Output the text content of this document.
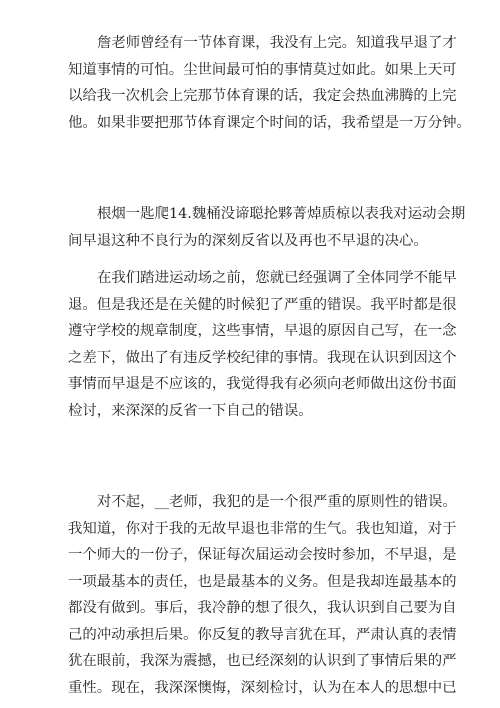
詹老师曾经有一节体育课，我没有上完。知道我早退了才
知道事情的可怕。尘世间最可怕的事情莫过如此。如果上天可
以给我一次机会上完那节体育课的话，我定会热血沸腾的上完
他。如果非要把那节体育课定个时间的话，我希望是一万分钟。

根烟一匙爬14.魏桶没谛聪抡夥菁焯质椋以表我对运动会期
间早退这种不良行为的深刻反省以及再也不早退的决心。

在我们踏进运动场之前，您就已经强调了全体同学不能早
退。但是我还是在关健的时候犯了严重的错误。我平时都是很
遵守学校的规章制度，这些事情，早退的原因自己写，在一念
之差下，做出了有违反学校纪律的事情。我现在认识到因这个
事情而早退是不应该的，我觉得我有必须向老师做出这份书面
检讨，来深深的反省一下自己的错误。

对不起，__老师，我犯的是一个很严重的原则性的错误。
我知道，你对于我的无故早退也非常的生气。我也知道，对于
一个师大的一份子，保证每次届运动会按时参加，不早退，是
一项最基本的责任，也是最基本的义务。但是我却连最基本的
都没有做到。事后，我冷静的想了很久，我认识到自己要为自
己的冲动承担后果。你反复的教导言犹在耳，严肃认真的表情
犹在眼前，我深为震撼，也已经深刻的认识到了事情后果的严
重性。现在，我深深懊悔，深刻检讨，认为在本人的思想中已
